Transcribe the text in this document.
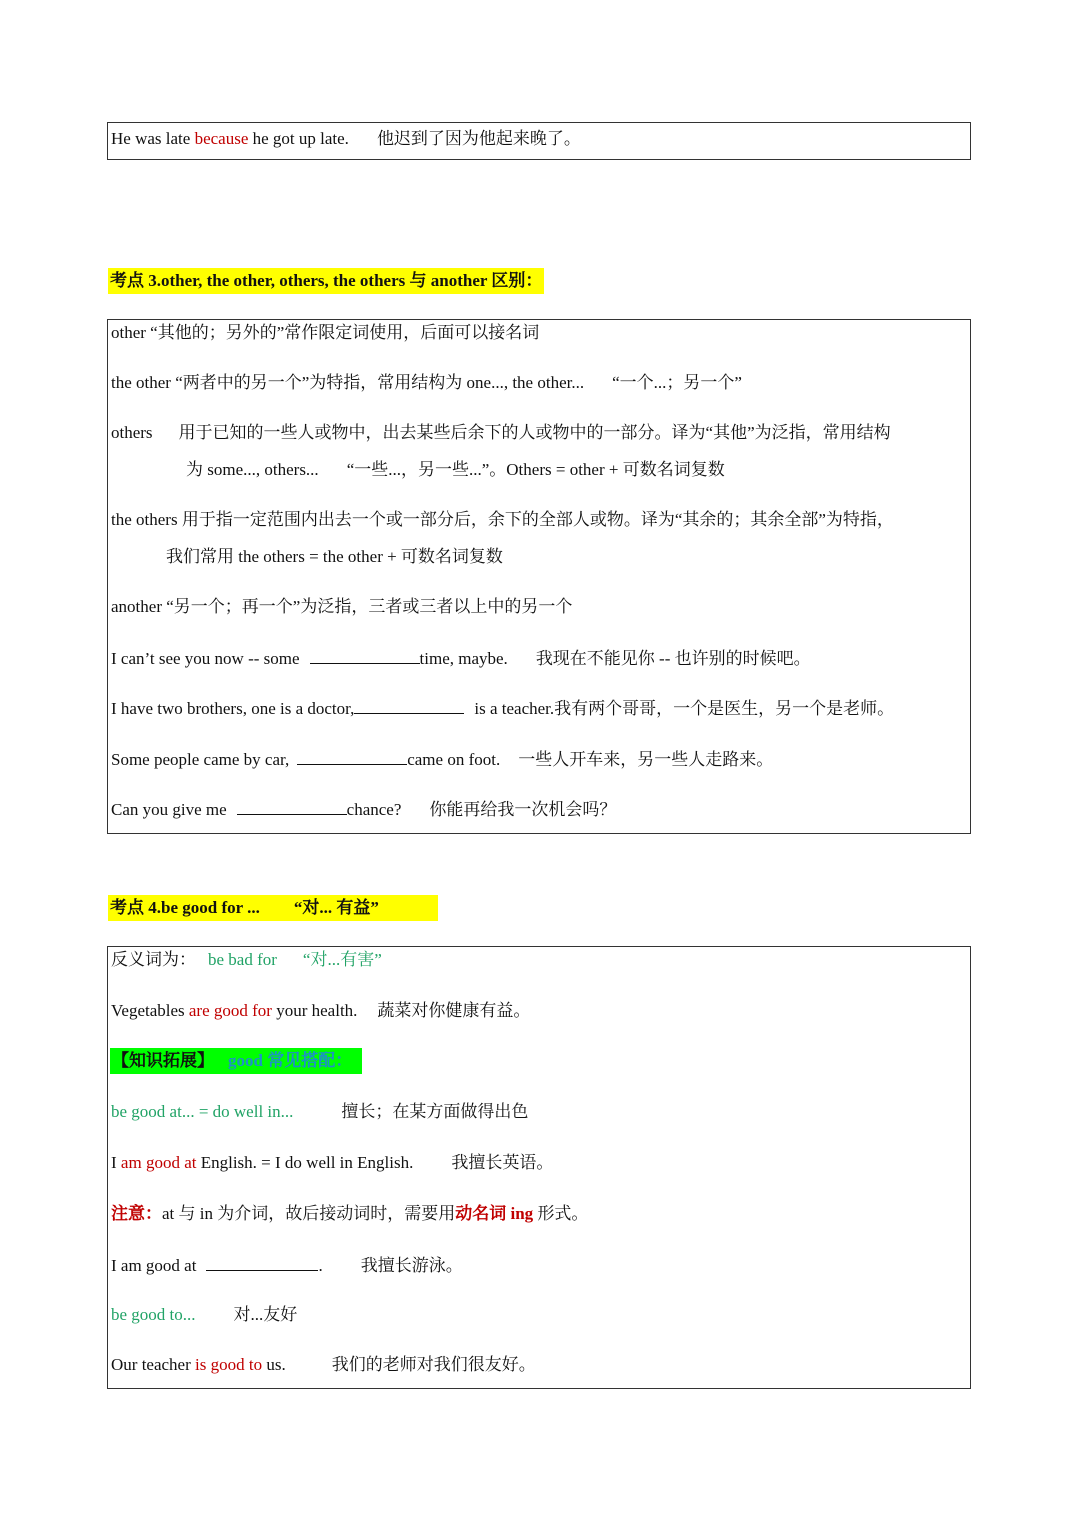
He was late because he got up late. 他迟到了因为他起来晚了。
考点 3.other, the other, others, the others 与 another 区别：
other “其他的；另外的”常作限定词使用，后面可以接名词
the other “两者中的另一个”为特指，常用结构为 one..., the other... “一个...；另一个”
others 用于已知的一些人或物中，出去某些后余下的人或物中的一部分。译为“其他”为泛指，常用结构
为 some..., others... “一些...，另一些...”。Others = other + 可数名词复数
the others 用于指一定范围内出去一个或一部分后，余下的全部人或物。译为“其余的；其余全部”为特指，
我们常用 the others = the other + 可数名词复数
another “另一个；再一个”为泛指，三者或三者以上中的另一个
I can’t see you now -- some	time, maybe. 我现在不能见你 -- 也许别的时候吧。
I have two brothers, one is a doctor,	is a teacher.我有两个哥哥，一个是医生，另一个是老师。
Some people came by car,	came on foot. 一些人开车来，另一些人走路来。
Can you give me	chance? 你能再给我一次机会吗？
考点 4.be good for ... “对... 有益”
反义词为： be bad for “对...有害”
Vegetables are good for your health. 蔬菜对你健康有益。
【知识拓展】 good 常见搭配：
be good at... = do well in...	擅长；在某方面做得出色
I am good at English. = I do well in English. 我擅长英语。
注意：at 与 in 为介词，故后接动词时，需要用动名词 ing 形式。
I am good at	. 我擅长游泳。
be good to... 对...友好
Our teacher is good to us.	我们的老师对我们很友好。
